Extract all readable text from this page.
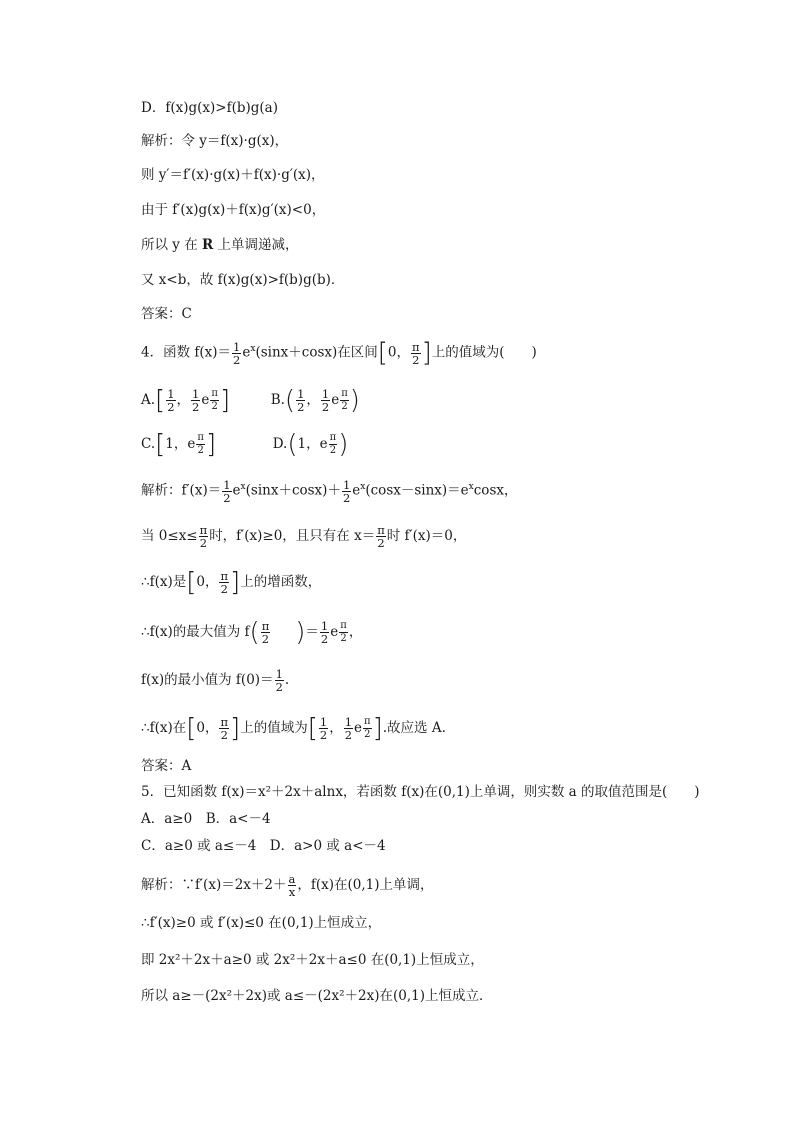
D．f(x)g(x)>f(b)g(a)
解析：令 y＝f(x)·g(x)，
则 y′＝f′(x)·g(x)＋f(x)·g′(x)，
由于 f′(x)g(x)＋f(x)g′(x)<0，
所以 y 在 R 上单调递减，
又 x<b，故 f(x)g(x)>f(b)g(b)．
答案：C
4．函数 $f(x)= \frac{1}{2} e^x(\sin x+\cos x)$在区间[0， $\frac{\pi}{2}$ ]上的值域为(　　)
$A.[ \frac{1}{2}$ ， $\frac{1}{2}$ e $\frac{\pi}{2}$ ]	$B.( \frac{1}{2}$ ， $\frac{1}{2}$ e $\frac{\pi}{2}$ )
C.[1，e $\frac{\pi}{2}$ ]	D.(1，e $\frac{\pi}{2}$ )
解析：$f'(x)= \frac{1}{2} e^x(\sin x+\cos x)+ \frac{1}{2} e^x(\cos x-\sin x)=e^x\cos x$，
当 $0\le x\le \frac{\pi}{2}$ 时，f′(x)≥0，且只有在 $x= \frac{\pi}{2}$ 时 f′(x)＝0，
∴f(x)是[0， $\frac{\pi}{2}$ ]上的增函数，
∴f(x)的最大值为 $f( \frac{\pi}{2}$ )＝ $\frac{1}{2}$ e $\frac{\pi}{2}$ ，
f(x)的最小值为 $f(0)= \frac{1}{2}$ .
∴f(x)在[0， $\frac{\pi}{2}$ ]上的值域为[ $\frac{1}{2}$ ， $\frac{1}{2}$ e $\frac{\pi}{2}$ ].故应选 A.
答案：A
5．已知函数 f(x)＝x²＋2x＋alnx，若函数 f(x)在(0,1)上单调，则实数 a 的取值范围是(　　)
A．a≥0　B．a<－4
C．a≥0 或 a≤－4　D．a>0 或 a<－4
解析：∵f′(x)＝2x＋2＋ $\frac{a}{x}$ ，f(x)在(0,1)上单调，
∴f′(x)≥0 或 f′(x)≤0 在(0,1)上恒成立，
即 2x²＋2x＋a≥0 或 2x²＋2x＋a≤0 在(0,1)上恒成立，
所以 a≥－(2x²＋2x)或 a≤－(2x²＋2x)在(0,1)上恒成立．
